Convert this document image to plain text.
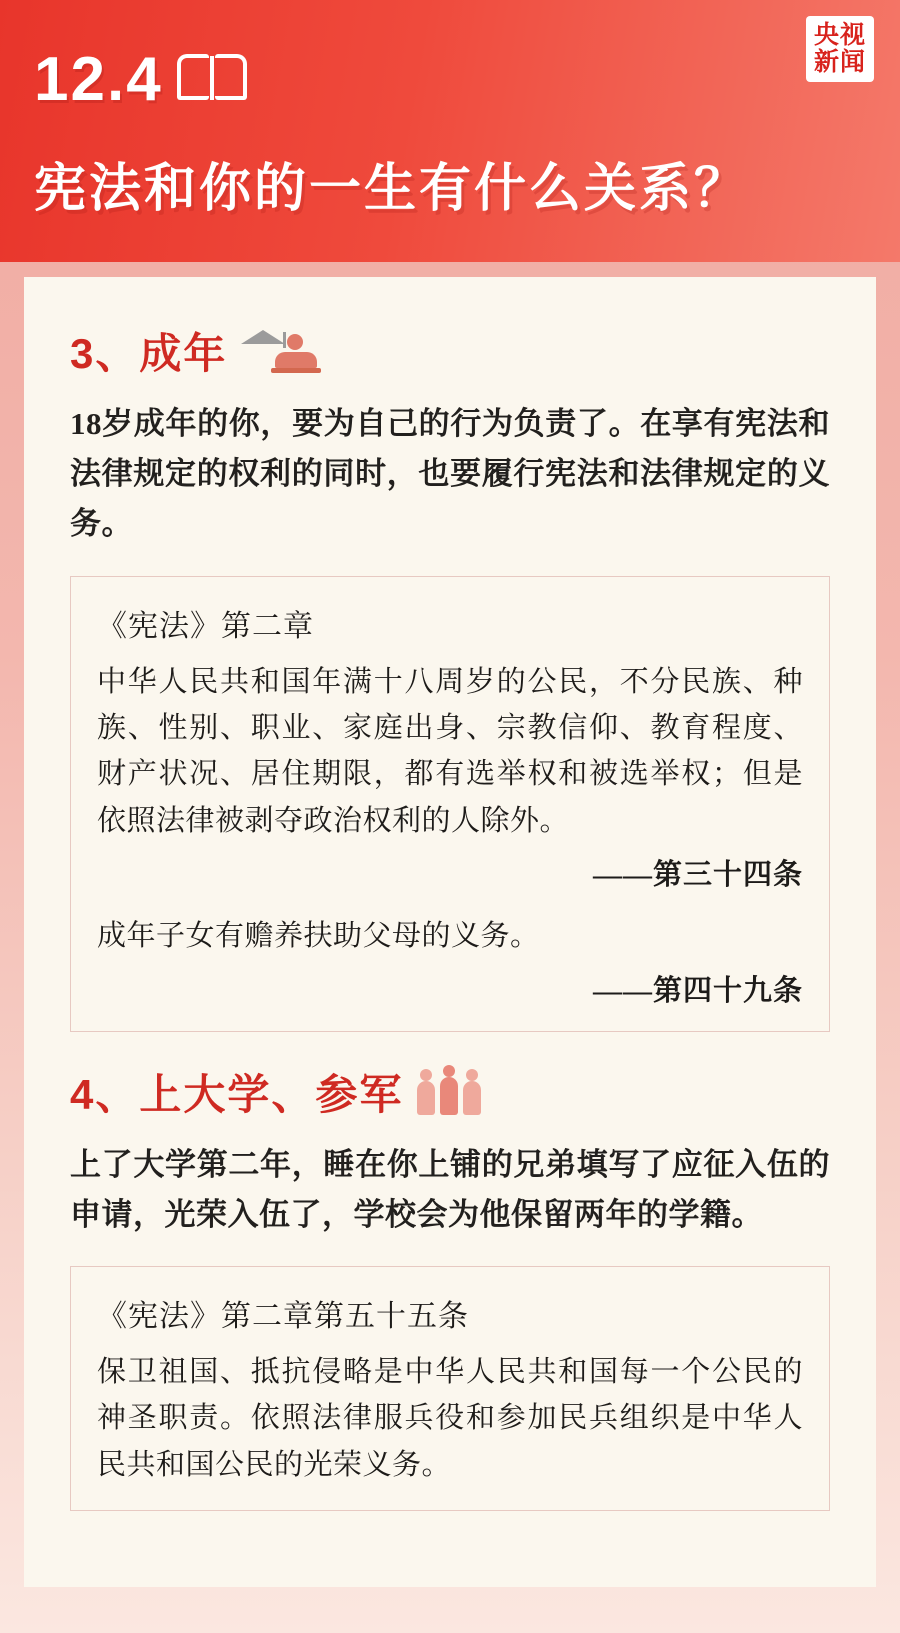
央视
新闻
12.4
宪法和你的一生有什么关系？
3、成年

18岁成年的你，要为自己的行为负责了。在享有宪法和法律规定的权利的同时，也要履行宪法和法律规定的义务。

《宪法》第二章

中华人民共和国年满十八周岁的公民，不分民族、种族、性别、职业、家庭出身、宗教信仰、教育程度、财产状况、居住期限，都有选举权和被选举权；但是依照法律被剥夺政治权利的人除外。

——第三十四条

成年子女有赡养扶助父母的义务。

——第四十九条

4、上大学、参军

上了大学第二年，睡在你上铺的兄弟填写了应征入伍的申请，光荣入伍了，学校会为他保留两年的学籍。

《宪法》第二章第五十五条

保卫祖国、抵抗侵略是中华人民共和国每一个公民的神圣职责。依照法律服兵役和参加民兵组织是中华人民共和国公民的光荣义务。
